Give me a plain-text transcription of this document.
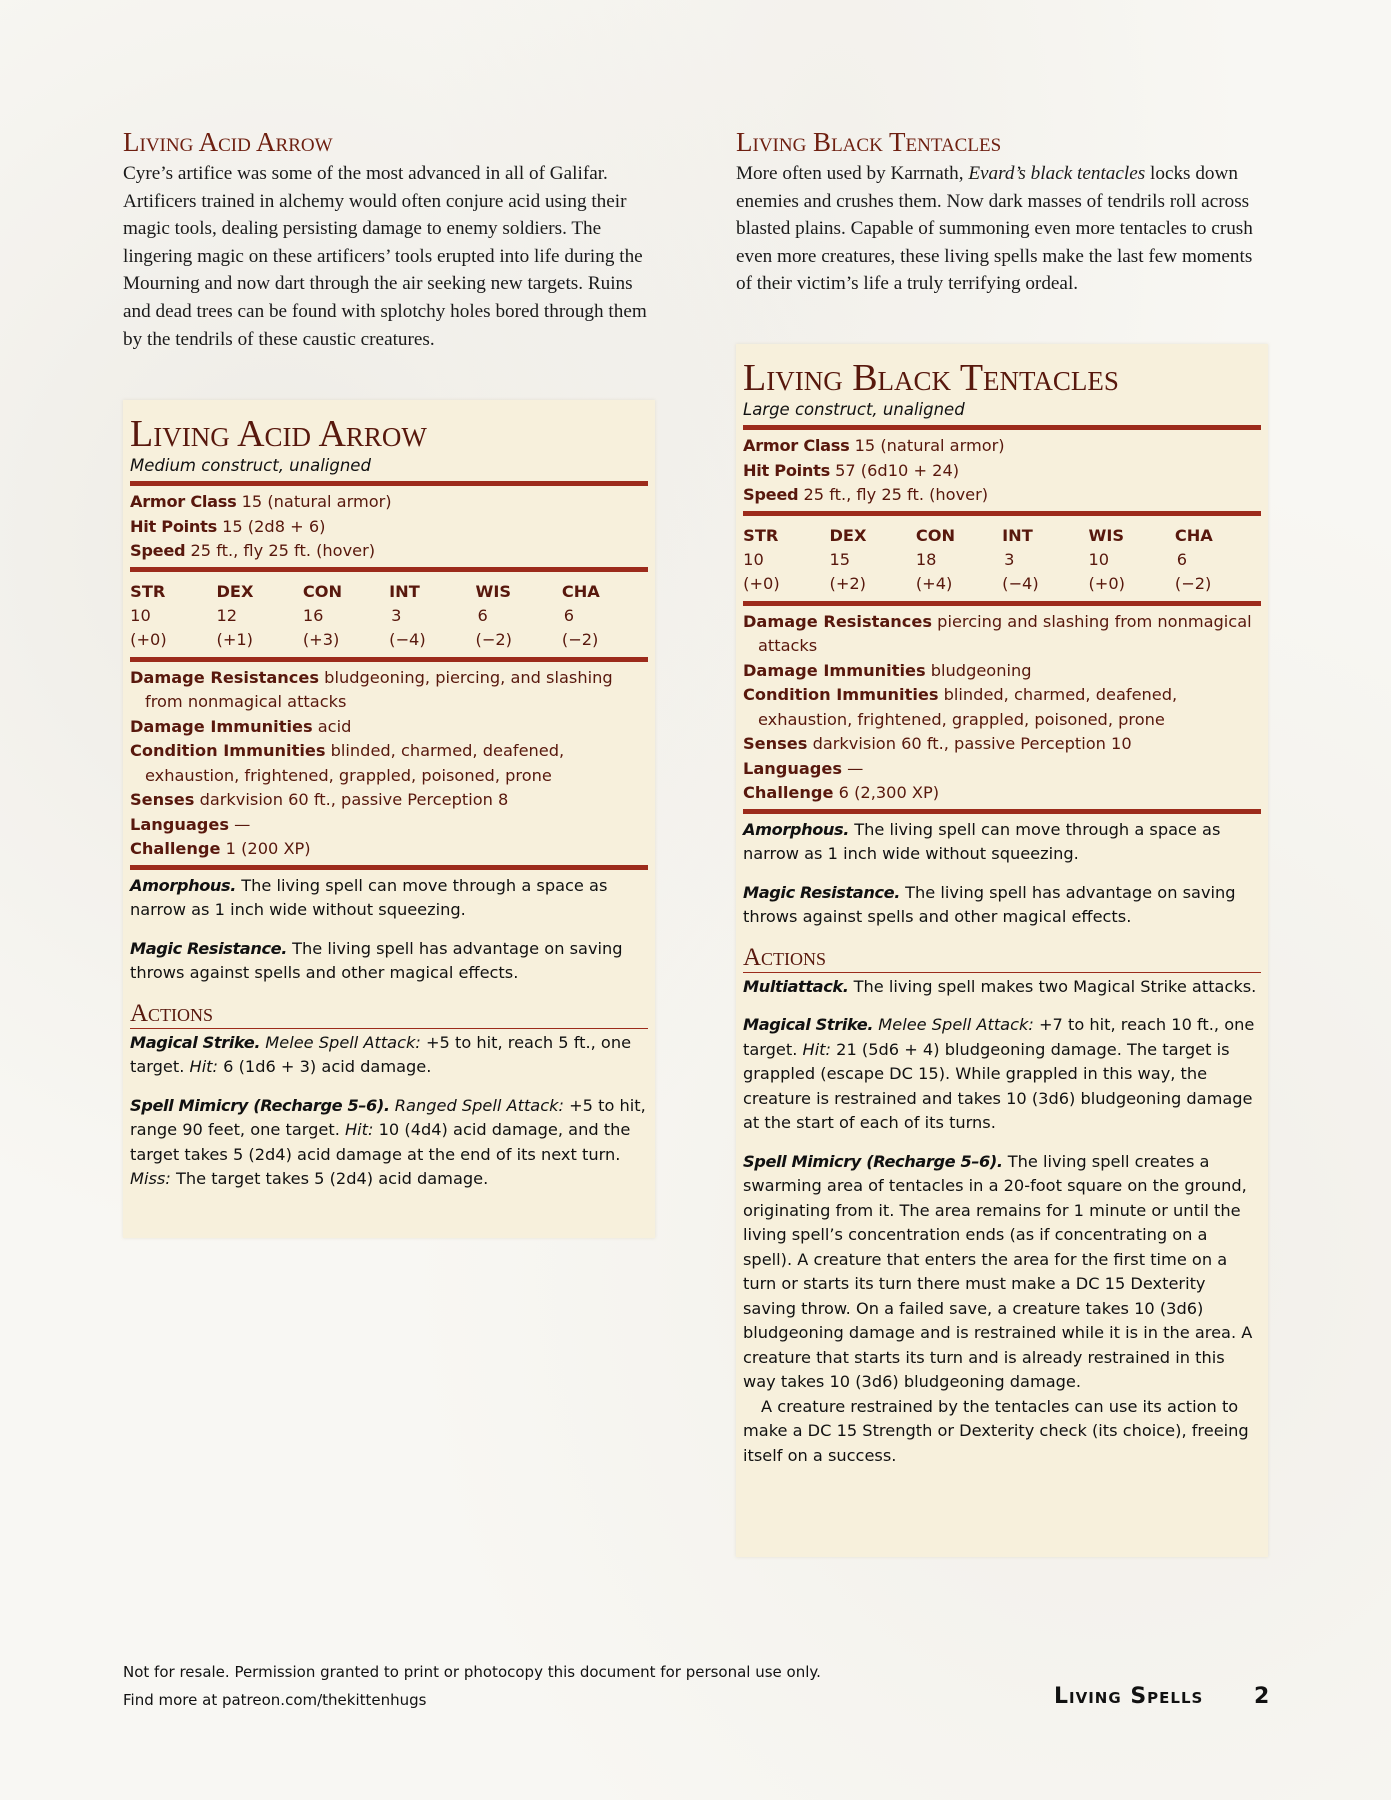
Living Acid Arrow

Cyre’s artifice was some of the most advanced in all of Galifar. Artificers trained in alchemy would often conjure acid using their magic tools, dealing persisting damage to enemy soldiers. The lingering magic on these artificers’ tools erupted into life during the Mourning and now dart through the air seeking new targets. Ruins and dead trees can be found with splotchy holes bored through them by the tendrils of these caustic creatures.

Living Acid Arrow
Medium construct, unaligned

Armor Class 15 (natural armor)

Hit Points 15 (2d8 + 6)

Speed 25 ft., fly 25 ft. (hover)

STR
10 (+0)
DEX
12 (+1)
CON
16 (+3)
INT
3 (−4)
WIS
6 (−2)
CHA
6 (−2)

Damage Resistances bludgeoning, piercing, and slashing from nonmagical attacks

Damage Immunities acid

Condition Immunities blinded, charmed, deafened, exhaustion, frightened, grappled, poisoned, prone

Senses darkvision 60 ft., passive Perception 8

Languages —

Challenge 1 (200 XP)

Amorphous. The living spell can move through a space as narrow as 1 inch wide without squeezing.

Magic Resistance. The living spell has advantage on saving throws against spells and other magical effects.

Actions

Magical Strike. Melee Spell Attack: +5 to hit, reach 5 ft., one target. Hit: 6 (1d6 + 3) acid damage.

Spell Mimicry (Recharge 5–6). Ranged Spell Attack: +5 to hit, range 90 feet, one target. Hit: 10 (4d4) acid damage, and the target takes 5 (2d4) acid damage at the end of its next turn. Miss: The target takes 5 (2d4) acid damage.

Living Black Tentacles

More often used by Karrnath, Evard’s black tentacles locks down enemies and crushes them. Now dark masses of tendrils roll across blasted plains. Capable of summoning even more tentacles to crush even more creatures, these living spells make the last few moments of their victim’s life a truly terrifying ordeal.

Living Black Tentacles
Large construct, unaligned

Armor Class 15 (natural armor)

Hit Points 57 (6d10 + 24)

Speed 25 ft., fly 25 ft. (hover)

STR
10 (+0)
DEX
15 (+2)
CON
18 (+4)
INT
3 (−4)
WIS
10 (+0)
CHA
6 (−2)

Damage Resistances piercing and slashing from nonmagical attacks

Damage Immunities bludgeoning

Condition Immunities blinded, charmed, deafened, exhaustion, frightened, grappled, poisoned, prone

Senses darkvision 60 ft., passive Perception 10

Languages —

Challenge 6 (2,300 XP)

Amorphous. The living spell can move through a space as narrow as 1 inch wide without squeezing.

Magic Resistance. The living spell has advantage on saving throws against spells and other magical effects.

Actions

Multiattack. The living spell makes two Magical Strike attacks.

Magical Strike. Melee Spell Attack: +7 to hit, reach 10 ft., one target. Hit: 21 (5d6 + 4) bludgeoning damage. The target is grappled (escape DC 15). While grappled in this way, the creature is restrained and takes 10 (3d6) bludgeoning damage at the start of each of its turns.

Spell Mimicry (Recharge 5–6). The living spell creates a swarming area of tentacles in a 20-foot square on the ground, originating from it. The area remains for 1 minute or until the living spell’s concentration ends (as if concentrating on a spell). A creature that enters the area for the first time on a turn or starts its turn there must make a DC 15 Dexterity saving throw. On a failed save, a creature takes 10 (3d6) bludgeoning damage and is restrained while it is in the area. A creature that starts its turn and is already restrained in this way takes 10 (3d6) bludgeoning damage.
A creature restrained by the tentacles can use its action to make a DC 15 Strength or Dexterity check (its choice), freeing itself on a success.

Not for resale. Permission granted to print or photocopy this document for personal use only.
Find more at patreon.com/thekittenhugs	Living Spells 2
